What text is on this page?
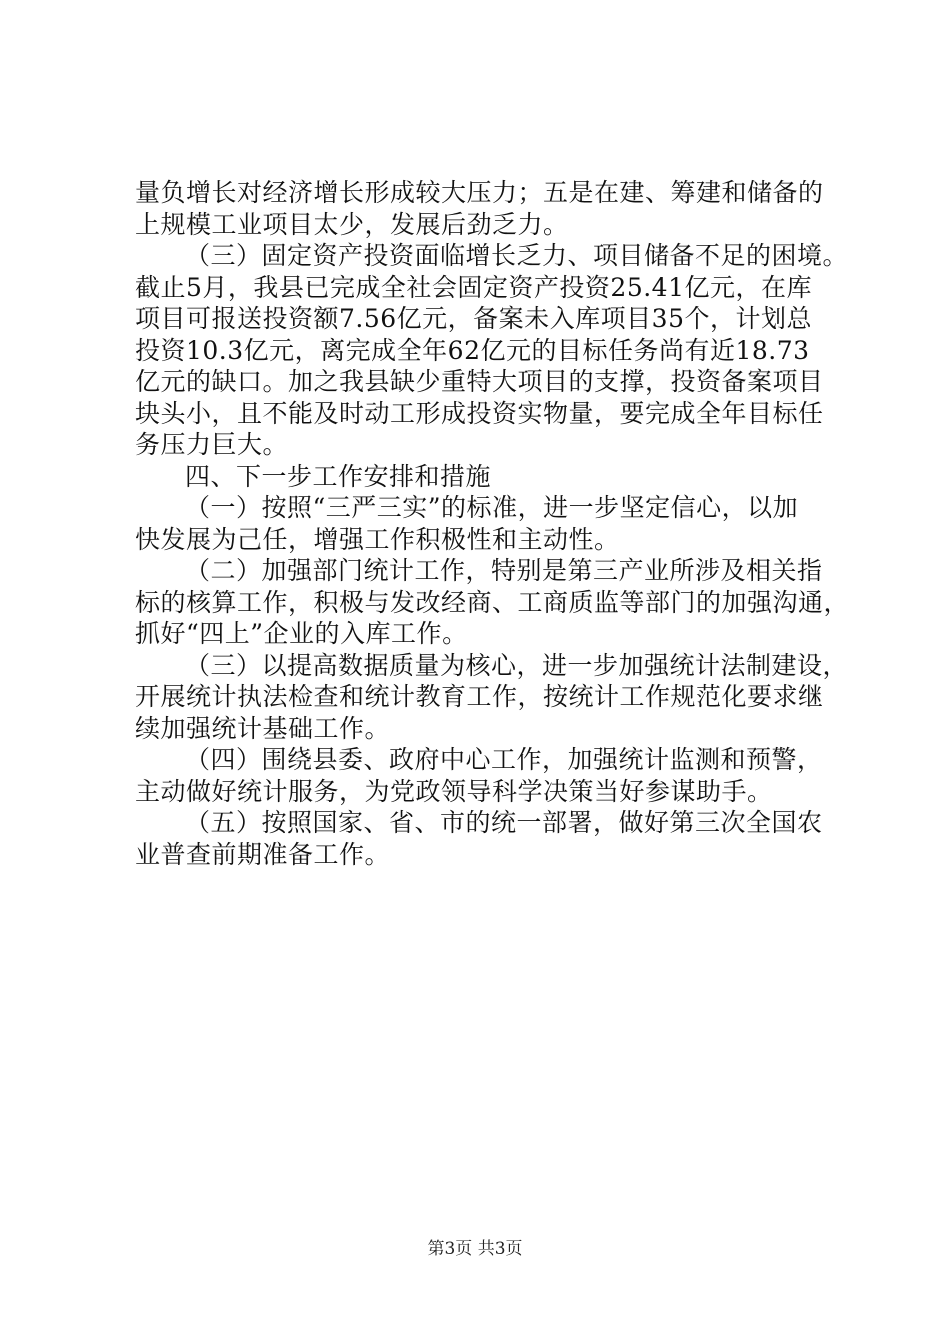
量负增长对经济增长形成较大压力；五是在建、筹建和储备的
上规模工业项目太少，发展后劲乏力。
（三）固定资产投资面临增长乏力、项目储备不足的困境。
截止5月，我县已完成全社会固定资产投资25.41亿元，在库
项目可报送投资额7.56亿元，备案未入库项目35个，计划总
投资10.3亿元，离完成全年62亿元的目标任务尚有近18.73
亿元的缺口。加之我县缺少重特大项目的支撑，投资备案项目
块头小，且不能及时动工形成投资实物量，要完成全年目标任
务压力巨大。
四、下一步工作安排和措施
（一）按照“三严三实”的标准，进一步坚定信心，以加
快发展为己任，增强工作积极性和主动性。
（二）加强部门统计工作，特别是第三产业所涉及相关指
标的核算工作，积极与发改经商、工商质监等部门的加强沟通，
抓好“四上”企业的入库工作。
（三）以提高数据质量为核心，进一步加强统计法制建设，
开展统计执法检查和统计教育工作，按统计工作规范化要求继
续加强统计基础工作。
（四）围绕县委、政府中心工作，加强统计监测和预警，
主动做好统计服务，为党政领导科学决策当好参谋助手。
（五）按照国家、省、市的统一部署，做好第三次全国农
业普查前期准备工作。
第3页 共3页
